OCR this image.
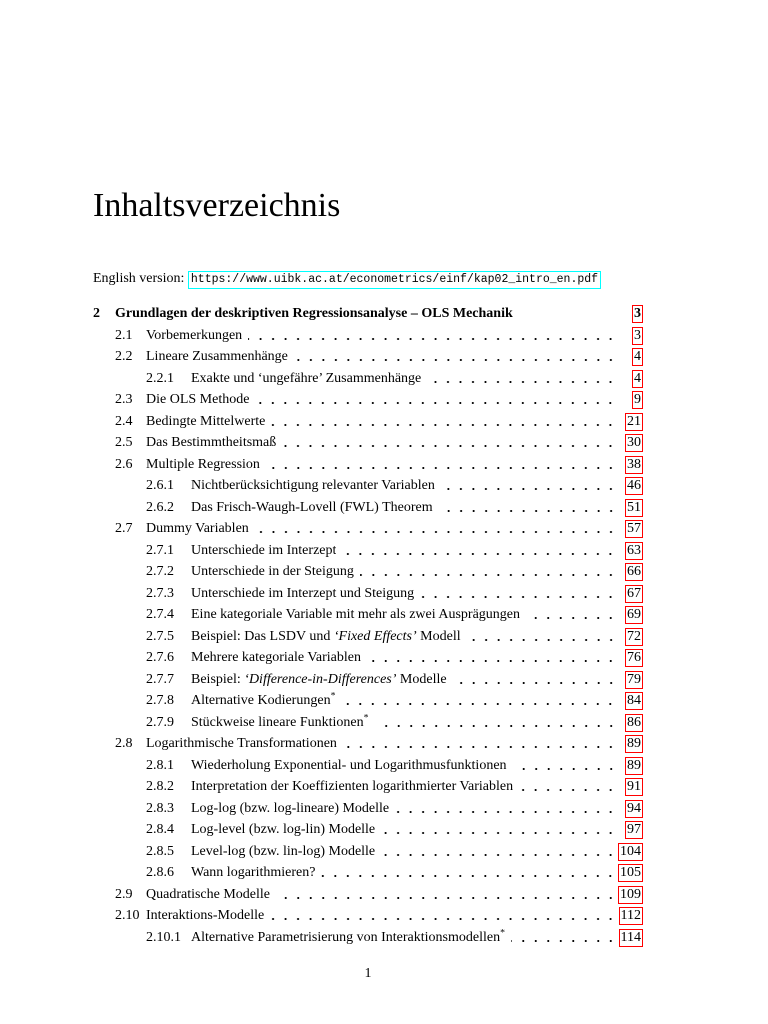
Inhaltsverzeichnis
English version: https://www.uibk.ac.at/econometrics/einf/kap02_intro_en.pdf
2	Grundlagen der deskriptiven Regressionsanalyse – OLS Mechanik	3
2.1 Vorbemerkungen	3
2.2 Lineare Zusammenhänge	4
2.2.1	Exakte und ‘ungefähre’ Zusammenhänge	4
2.3 Die OLS Methode	9
2.4 Bedingte Mittelwerte	21
2.5 Das Bestimmtheitsmaß	30
2.6 Multiple Regression	38
2.6.1	Nichtberücksichtigung relevanter Variablen	46
2.6.2	Das Frisch-Waugh-Lovell (FWL) Theorem	51
2.7 Dummy Variablen	57
2.7.1	Unterschiede im Interzept	63
2.7.2	Unterschiede in der Steigung	66
2.7.3	Unterschiede im Interzept und Steigung	67
2.7.4	Eine kategoriale Variable mit mehr als zwei Ausprägungen	69
2.7.5	Beispiel: Das LSDV und ‘Fixed Effects’ Modell	72
2.7.6	Mehrere kategoriale Variablen	76
2.7.7	Beispiel: ‘Difference-in-Differences’ Modelle	79
2.7.8	Alternative Kodierungen*	84
2.7.9	Stückweise lineare Funktionen*	86
2.8 Logarithmische Transformationen	89
2.8.1	Wiederholung Exponential- und Logarithmusfunktionen	89
2.8.2	Interpretation der Koeffizienten logarithmierter Variablen	91
2.8.3	Log-log (bzw. log-lineare) Modelle	94
2.8.4	Log-level (bzw. log-lin) Modelle	97
2.8.5	Level-log (bzw. lin-log) Modelle	104
2.8.6	Wann logarithmieren?	105
2.9 Quadratische Modelle	109
2.10 Interaktions-Modelle	112
2.10.1 Alternative Parametrisierung von Interaktionsmodellen*	114
1
